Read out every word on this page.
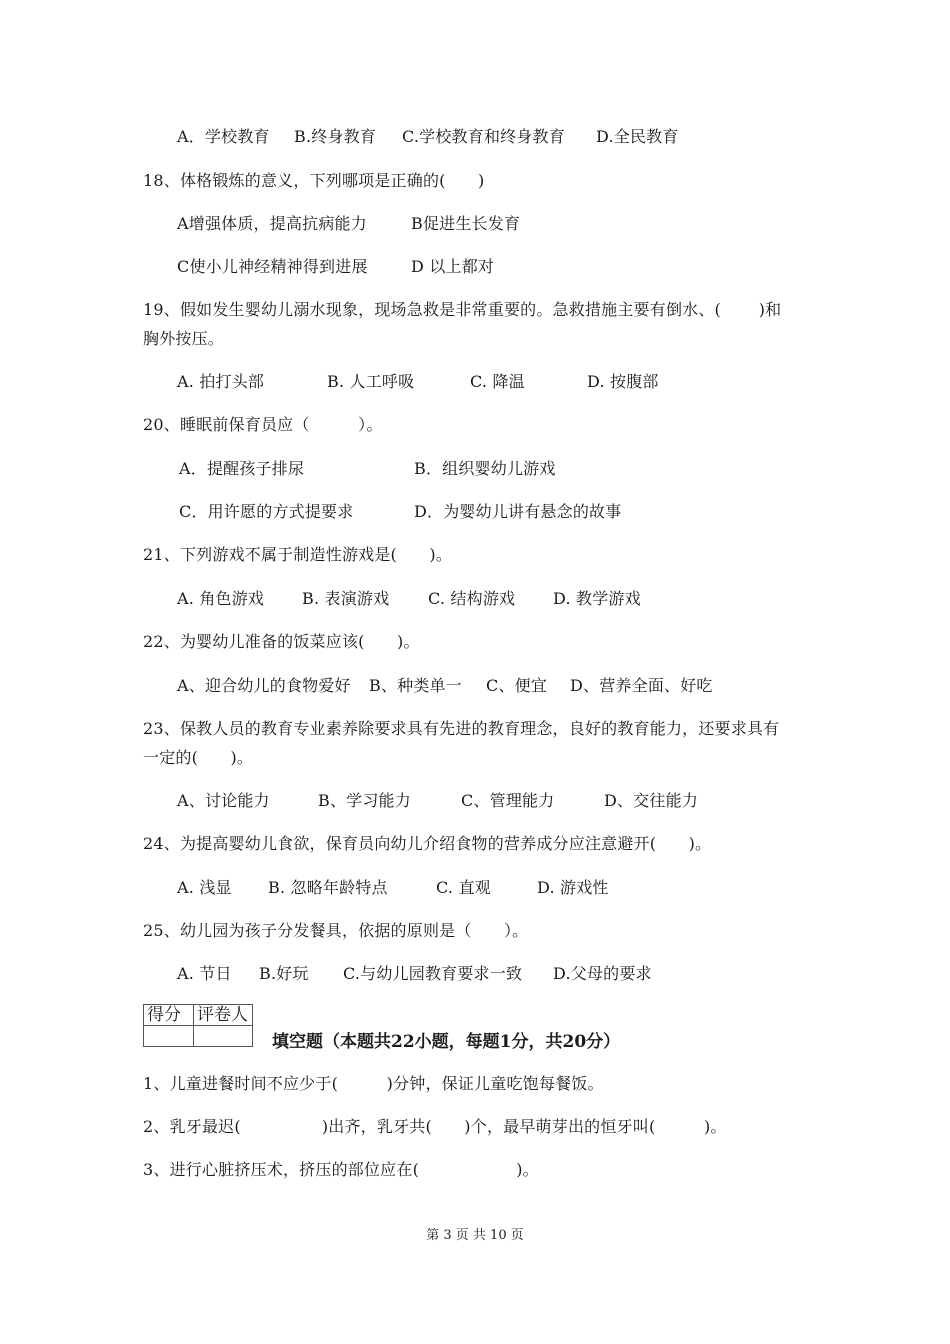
A．学校教育 B.终身教育 C.学校教育和终身教育 D.全民教育
18、体格锻炼的意义，下列哪项是正确的(　　)
A增强体质，提高抗病能力	B促进生长发育
C使小儿神经精神得到进展	D 以上都对
19、假如发生婴幼儿溺水现象，现场急救是非常重要的。急救措施主要有倒水、(　　 )和
胸外按压。
A. 拍打头部	B. 人工呼吸	C. 降温	D. 按腹部
20、睡眠前保育员应（　　　）。
A．提醒孩子排尿	B．组织婴幼儿游戏
C．用许愿的方式提要求	D．为婴幼儿讲有悬念的故事
21、下列游戏不属于制造性游戏是(　　)。
A. 角色游戏 B. 表演游戏 C. 结构游戏 D. 教学游戏
22、为婴幼儿准备的饭菜应该(　　)。
A、迎合幼儿的食物爱好 B、种类单一 C、便宜 D、营养全面、好吃
23、保教人员的教育专业素养除要求具有先进的教育理念，良好的教育能力，还要求具有
一定的(　　)。
A、讨论能力	B、学习能力	C、管理能力	D、交往能力
24、为提高婴幼儿食欲，保育员向幼儿介绍食物的营养成分应注意避开(　　)。
A. 浅显 B. 忽略年龄特点	C. 直观	D. 游戏性
25、幼儿园为孩子分发餐具，依据的原则是（　　）。
A. 节日 B.好玩 C.与幼儿园教育要求一致 D.父母的要求
得分	评卷人

填空题（本题共22小题，每题1分，共20分）
1、儿童进餐时间不应少于(　　　)分钟，保证儿童吃饱每餐饭。
2、乳牙最迟(　　　　　)出齐，乳牙共(　　)个，最早萌芽出的恒牙叫(　　　)。
3、进行心脏挤压术，挤压的部位应在(　　　　　　)。
第 3 页 共 10 页
